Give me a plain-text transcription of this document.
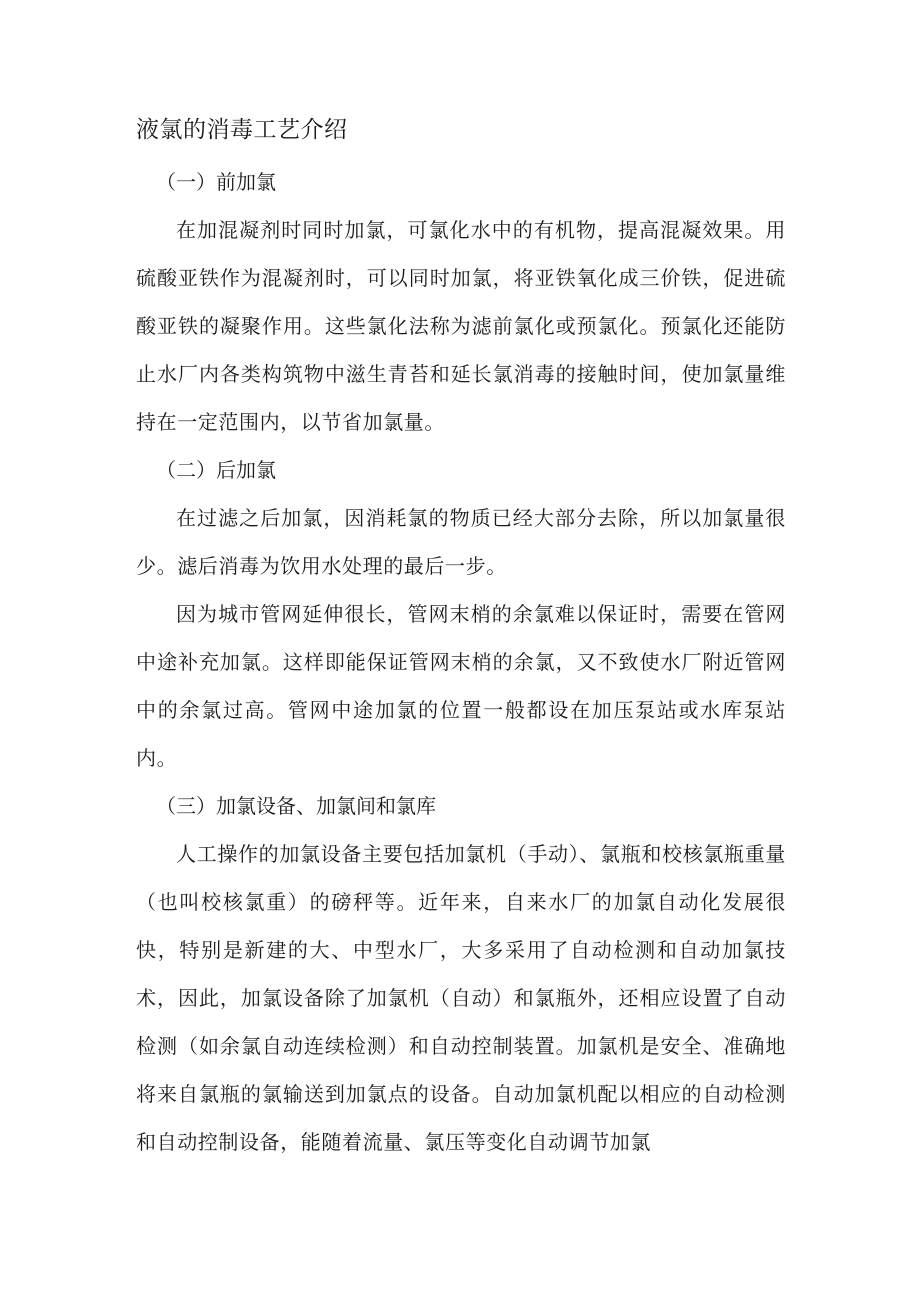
液氯的消毒工艺介绍
（一）前加氯

在加混凝剂时同时加氯，可氯化水中的有机物，提高混凝效果。用硫酸亚铁作为混凝剂时，可以同时加氯，将亚铁氧化成三价铁，促进硫酸亚铁的凝聚作用。这些氯化法称为滤前氯化或预氯化。预氯化还能防止水厂内各类构筑物中滋生青苔和延长氯消毒的接触时间，使加氯量维持在一定范围内，以节省加氯量。

（二）后加氯

在过滤之后加氯，因消耗氯的物质已经大部分去除，所以加氯量很少。滤后消毒为饮用水处理的最后一步。

因为城市管网延伸很长，管网末梢的余氯难以保证时，需要在管网中途补充加氯。这样即能保证管网末梢的余氯，又不致使水厂附近管网中的余氯过高。管网中途加氯的位置一般都设在加压泵站或水库泵站内。

（三）加氯设备、加氯间和氯库

人工操作的加氯设备主要包括加氯机（手动）、氯瓶和校核氯瓶重量（也叫校核氯重）的磅秤等。近年来，自来水厂的加氯自动化发展很快，特别是新建的大、中型水厂，大多采用了自动检测和自动加氯技术，因此，加氯设备除了加氯机（自动）和氯瓶外，还相应设置了自动检测（如余氯自动连续检测）和自动控制装置。加氯机是安全、准确地将来自氯瓶的氯输送到加氯点的设备。自动加氯机配以相应的自动检测和自动控制设备，能随着流量、氯压等变化自动调节加氯
